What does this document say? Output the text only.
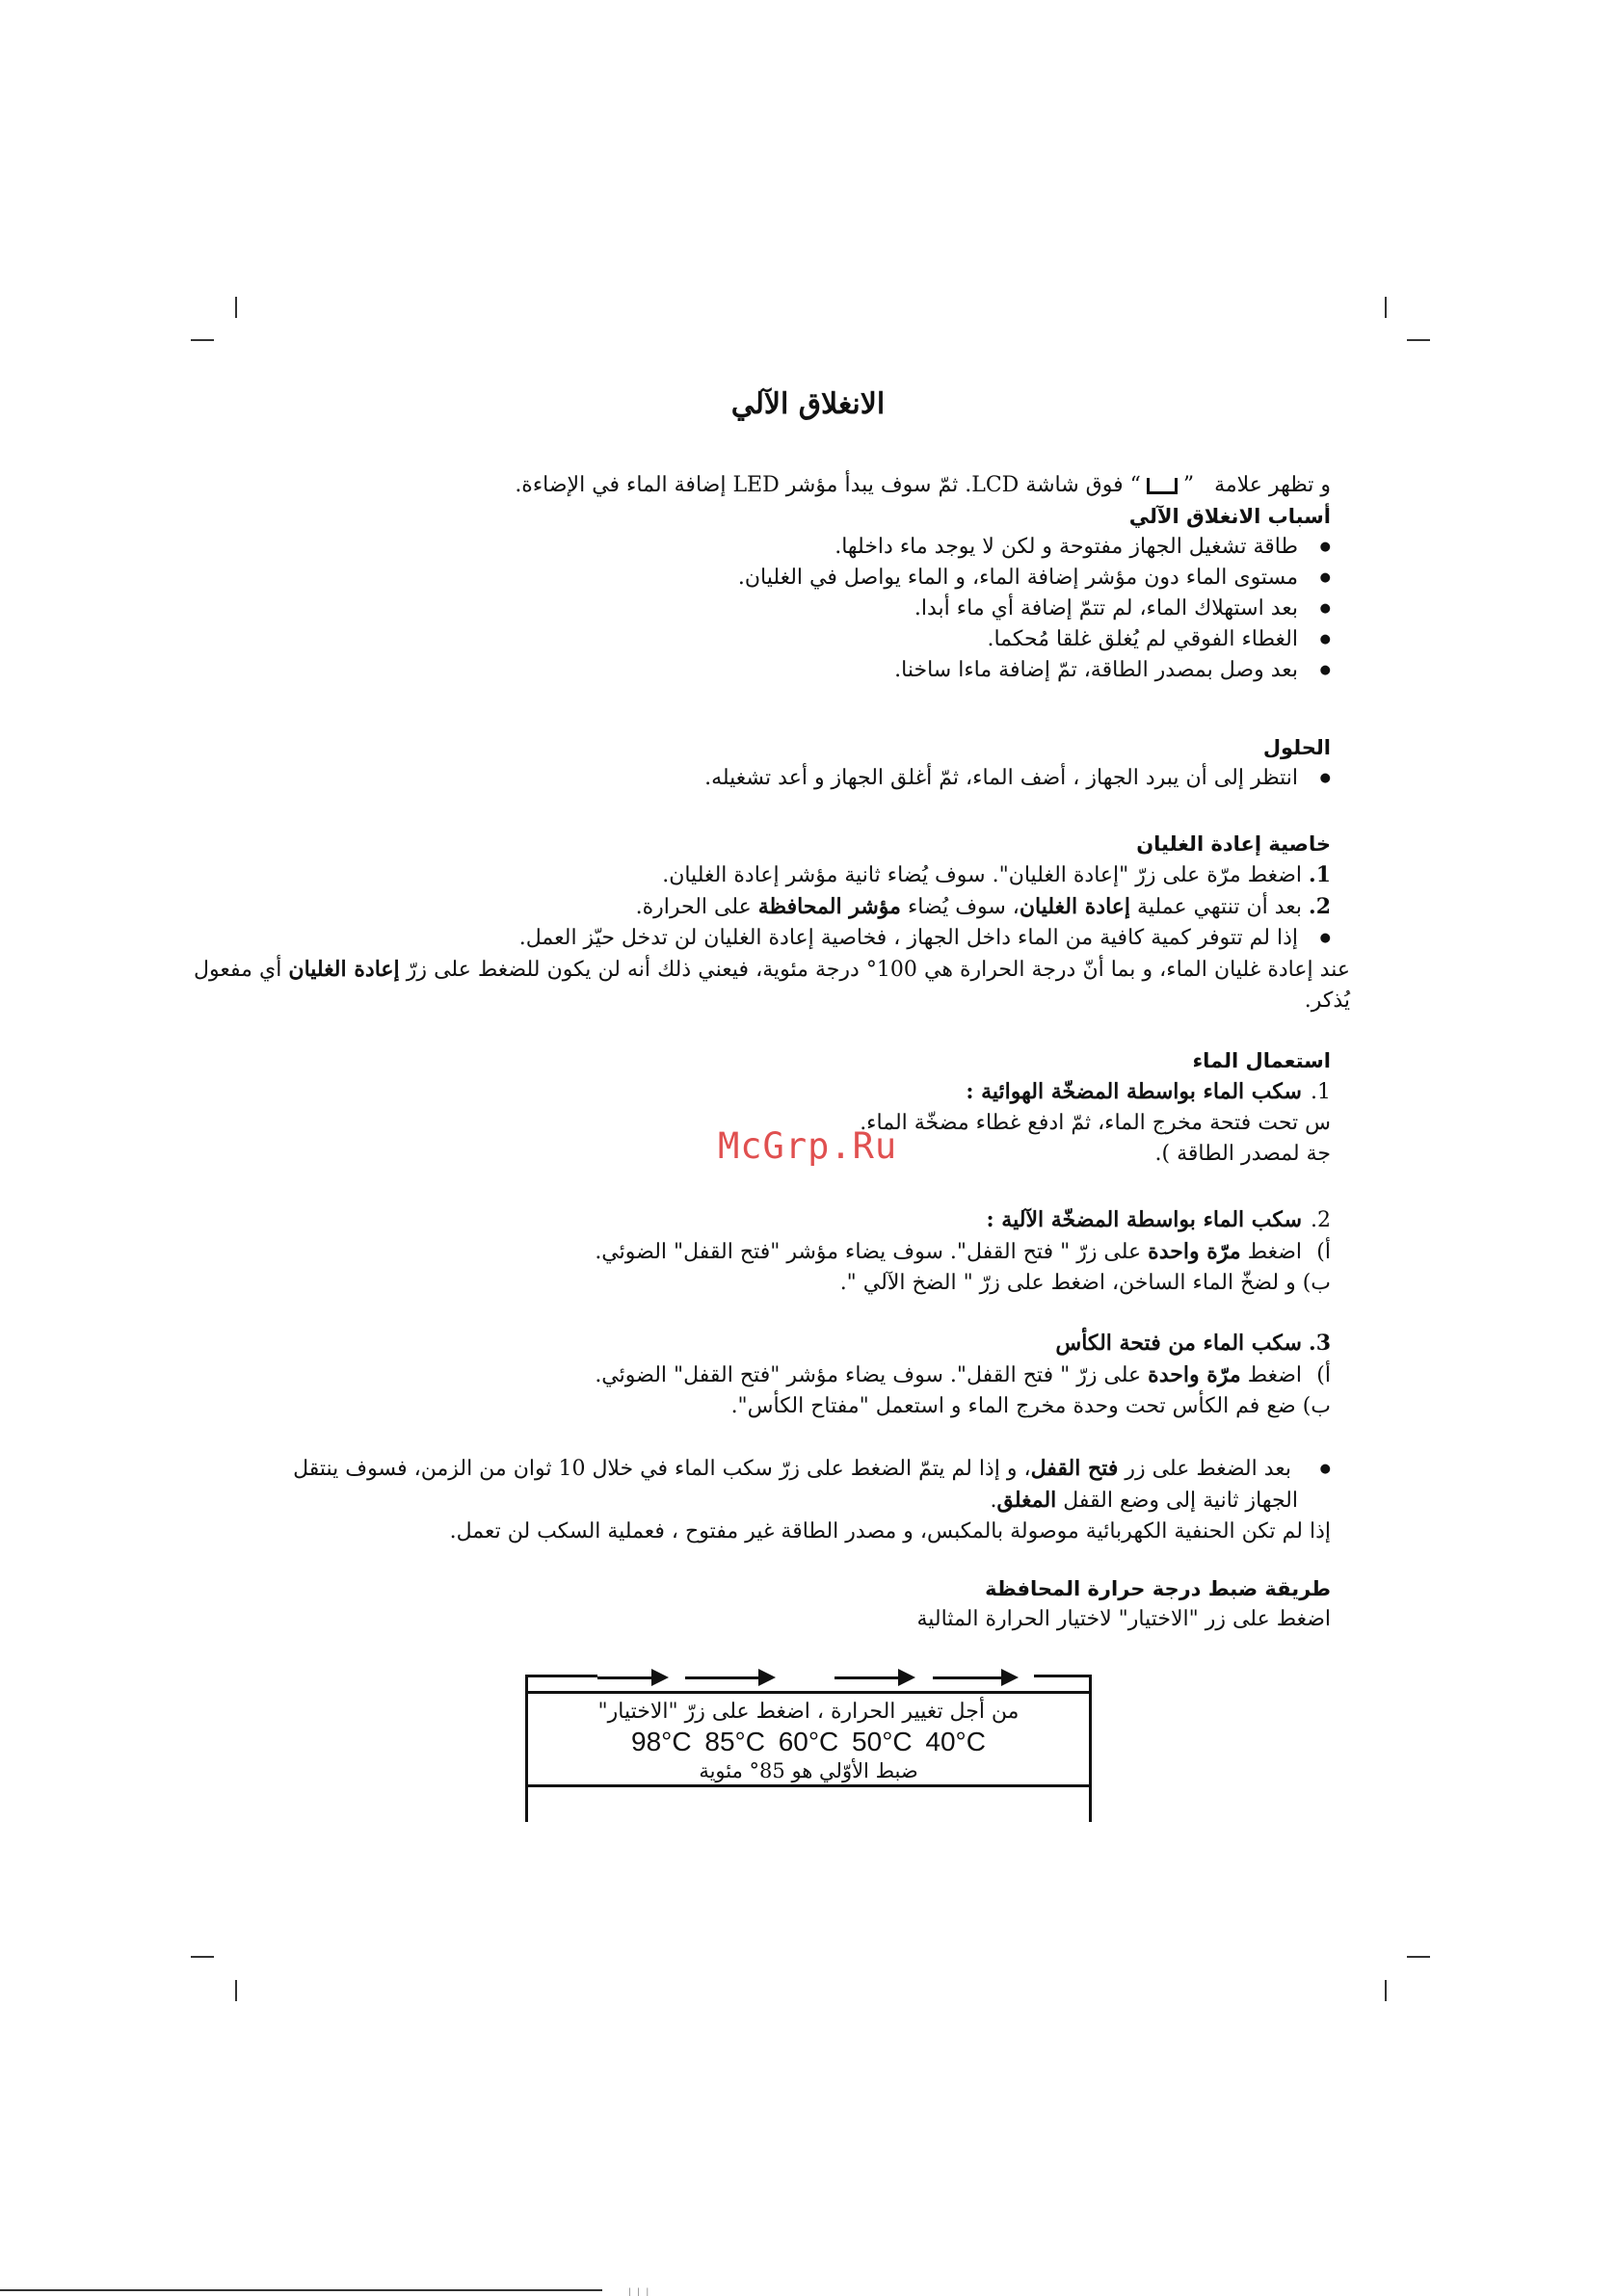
الانغلاق الآلي
و تظهر علامة   ”“ فوق شاشة LCD. ثمّ سوف يبدأ مؤشر LED إضافة الماء في الإضاءة.
أسباب الانغلاق الآلي
● طاقة تشغيل الجهاز مفتوحة و لكن لا يوجد ماء داخلها.
● مستوى الماء دون مؤشر إضافة الماء، و الماء يواصل في الغليان.
● بعد استهلاك الماء، لم تتمّ إضافة أي ماء أبدا.
● الغطاء الفوقي لم يُغلق غلقا مُحكما.
● بعد وصل بمصدر الطاقة، تمّ إضافة ماءا ساخنا.
الحلول
● انتظر إلى أن يبرد الجهاز ، أضف الماء، ثمّ أغلق الجهاز و أعد تشغيله.
خاصية إعادة الغليان
1.اضغط مرّة على زرّ "إعادة الغليان". سوف يُضاء ثانية مؤشر إعادة الغليان.
2.بعد أن تنتهي عملية إعادة الغليان، سوف يُضاء مؤشر المحافظة على الحرارة.
● إذا لم تتوفر كمية كافية من الماء داخل الجهاز ، فخاصية إعادة الغليان لن تدخل حيّز العمل.
عند إعادة غليان الماء، و بما أنّ درجة الحرارة هي 100° درجة مئوية، فيعني ذلك أنه لن يكون للضغط على زرّ إعادة الغليان أي مفعول يُذكر.
استعمال الماء
1.سكب الماء بواسطة المضخّة الهوائية :
س تحت فتحة مخرج الماء، ثمّ ادفع غطاء مضخّة الماء.
جة لمصدر الطاقة ).
2.سكب الماء بواسطة المضخّة الآلية :
أ)اضغط مرّة واحدة على زرّ " فتح القفل". سوف يضاء مؤشر "فتح القفل" الضوئي.
ب) و لضخّ الماء الساخن، اضغط على زرّ " الضخ الآلي ".
3.سكب الماء من فتحة الكأس
أ)اضغط مرّة واحدة على زرّ " فتح القفل". سوف يضاء مؤشر "فتح القفل" الضوئي.
ب) ضع فم الكأس تحت وحدة مخرج الماء و استعمل "مفتاح الكأس".
● بعد الضغط على زر فتح القفل، و إذا لم يتمّ الضغط على زرّ سكب الماء في خلال 10 ثوان من الزمن، فسوف ينتقل
الجهاز ثانية إلى وضع القفل المغلق.
إذا لم تكن الحنفية الكهربائية موصولة بالمكبس، و مصدر الطاقة غير مفتوح ، فعملية السكب لن تعمل.
طريقة ضبط درجة حرارة المحافظة
اضغط على زر "الاختيار" لاختيار الحرارة المثالية
من أجل تغيير الحرارة ، اضغط على زرّ "الاختيار"
98°C 85°C 60°C 50°C 40°C
ضبط الأوّلي هو 85° مئوية
McGrp.Ru
| | |
